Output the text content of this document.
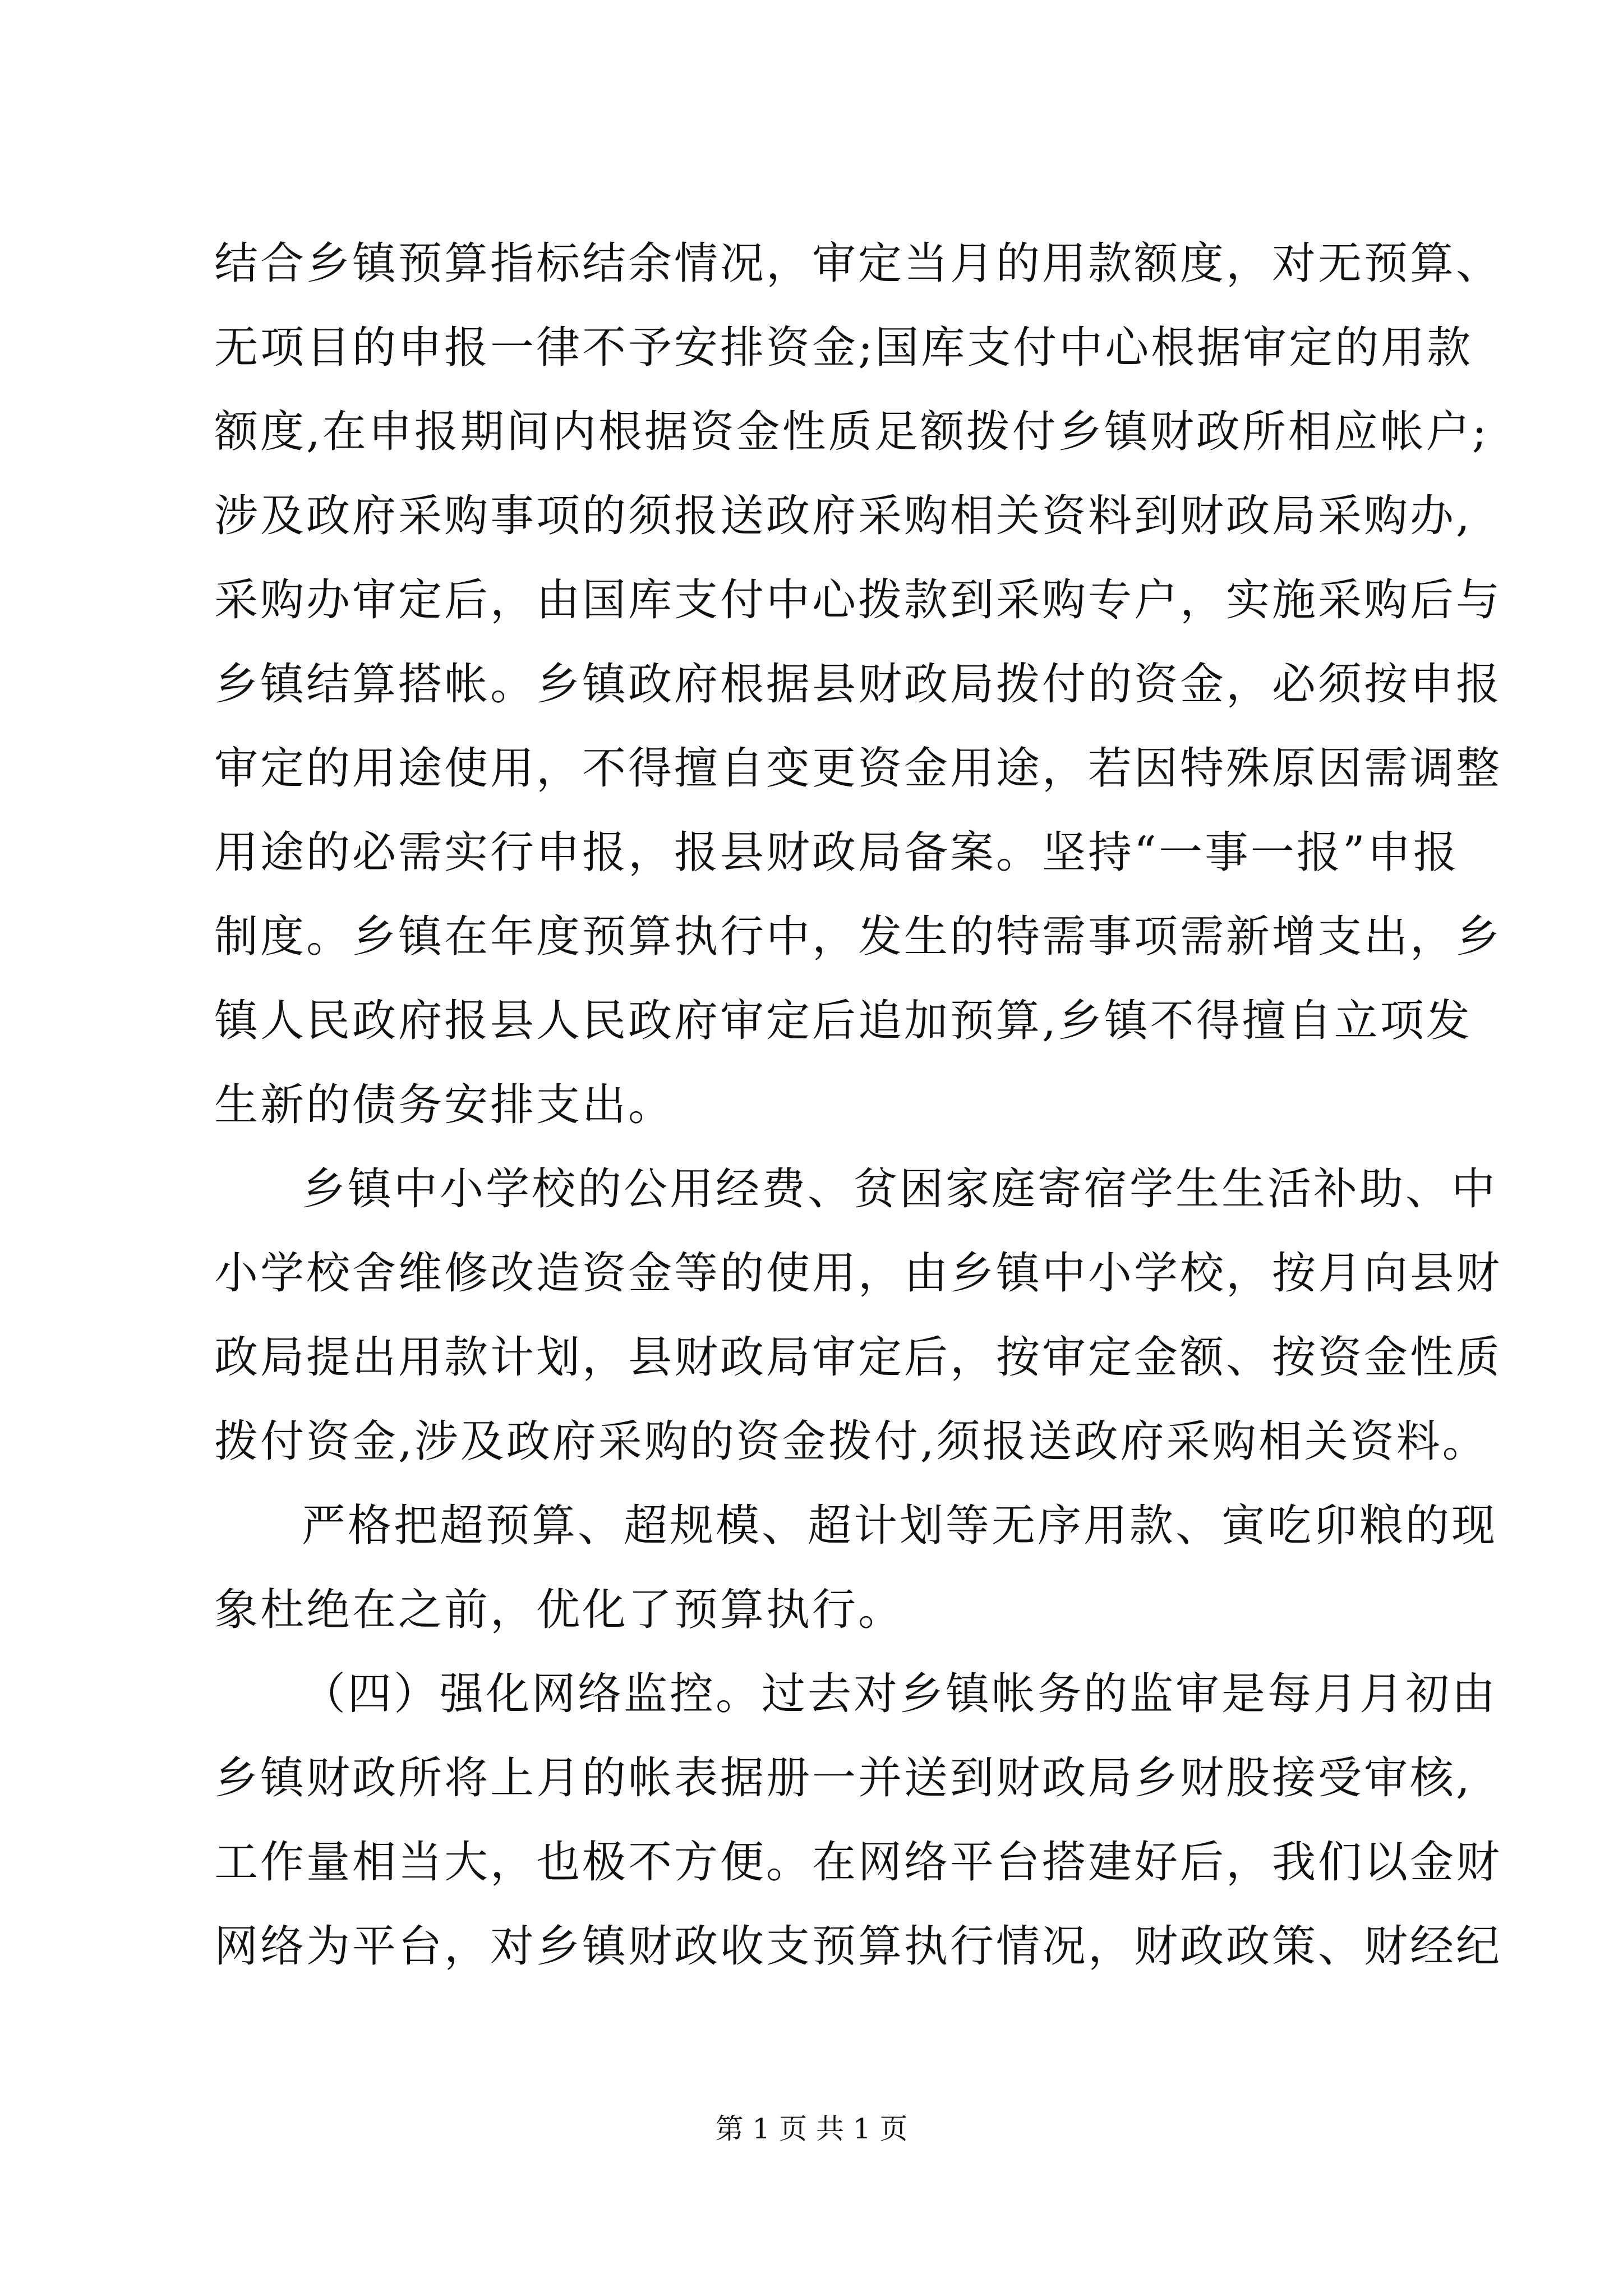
结合乡镇预算指标结余情况，审定当月的用款额度，对无预算、
无项目的申报一律不予安排资金;国库支付中心根据审定的用款
额度,在申报期间内根据资金性质足额拨付乡镇财政所相应帐户;
涉及政府采购事项的须报送政府采购相关资料到财政局采购办,
采购办审定后，由国库支付中心拨款到采购专户，实施采购后与
乡镇结算搭帐。乡镇政府根据县财政局拨付的资金，必须按申报
审定的用途使用，不得擅自变更资金用途，若因特殊原因需调整
用途的必需实行申报，报县财政局备案。坚持“一事一报”申报
制度。乡镇在年度预算执行中，发生的特需事项需新增支出，乡
镇人民政府报县人民政府审定后追加预算,乡镇不得擅自立项发
生新的债务安排支出。
乡镇中小学校的公用经费、贫困家庭寄宿学生生活补助、中
小学校舍维修改造资金等的使用，由乡镇中小学校，按月向县财
政局提出用款计划，县财政局审定后，按审定金额、按资金性质
拨付资金,涉及政府采购的资金拨付,须报送政府采购相关资料。
严格把超预算、超规模、超计划等无序用款、寅吃卯粮的现
象杜绝在之前，优化了预算执行。
（四）强化网络监控。过去对乡镇帐务的监审是每月月初由
乡镇财政所将上月的帐表据册一并送到财政局乡财股接受审核,
工作量相当大，也极不方便。在网络平台搭建好后，我们以金财
网络为平台，对乡镇财政收支预算执行情况，财政政策、财经纪
第 1 页 共 1 页
